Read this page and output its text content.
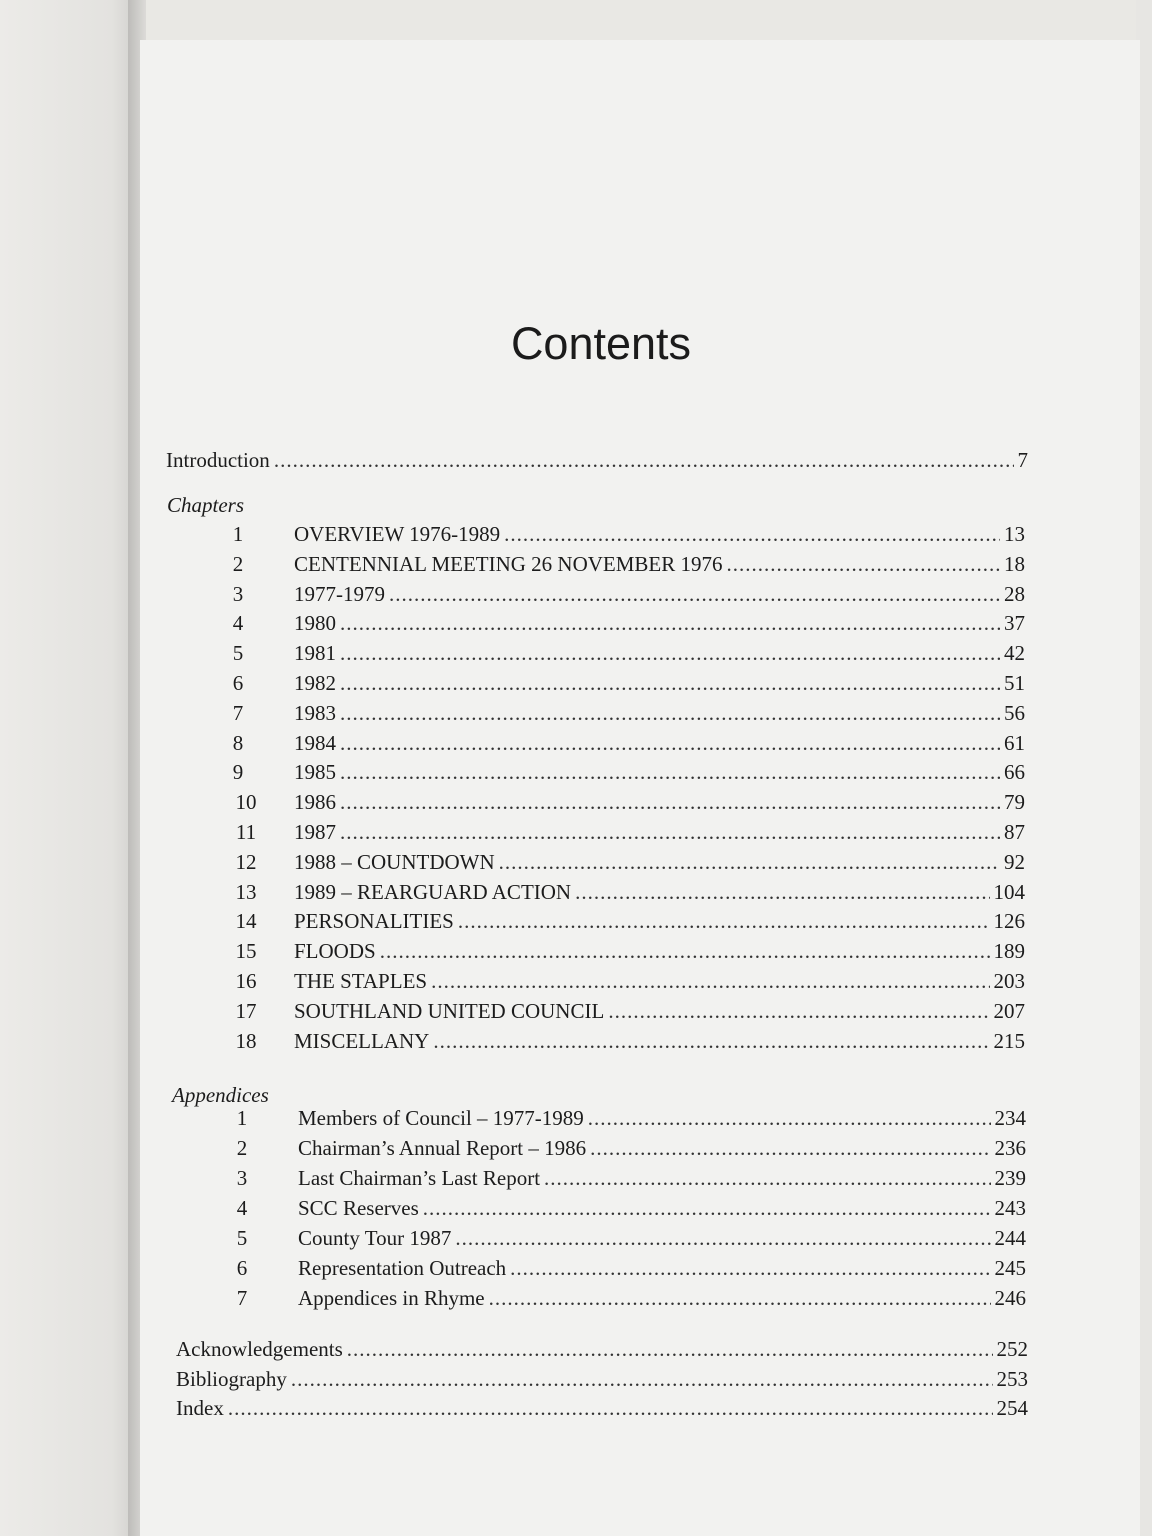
Contents
Introduction .....	7
Chapters
1	OVERVIEW 1976-1989 .....	13
2	CENTENNIAL MEETING 26 NOVEMBER 1976 .....	18
3	1977-1979 .....	28
4	1980 .....	37
5	1981 .....	42
6	1982 .....	51
7	1983 .....	56
8	1984 .....	61
9	1985 .....	66
10	1986 .....	79
11	1987 .....	87
12	1988 – COUNTDOWN .....	92
13	1989 – REARGUARD ACTION .....	104
14	PERSONALITIES .....	126
15	FLOODS .....	189
16	THE STAPLES .....	203
17	SOUTHLAND UNITED COUNCIL .....	207
18	MISCELLANY .....	215
Appendices
1	Members of Council – 1977-1989 .....	234
2	Chairman’s Annual Report – 1986 .....	236
3	Last Chairman’s Last Report .....	239
4	SCC Reserves .....	243
5	County Tour 1987 .....	244
6	Representation Outreach .....	245
7	Appendices in Rhyme .....	246
Acknowledgements .....	252
Bibliography .....	253
Index .....	254
